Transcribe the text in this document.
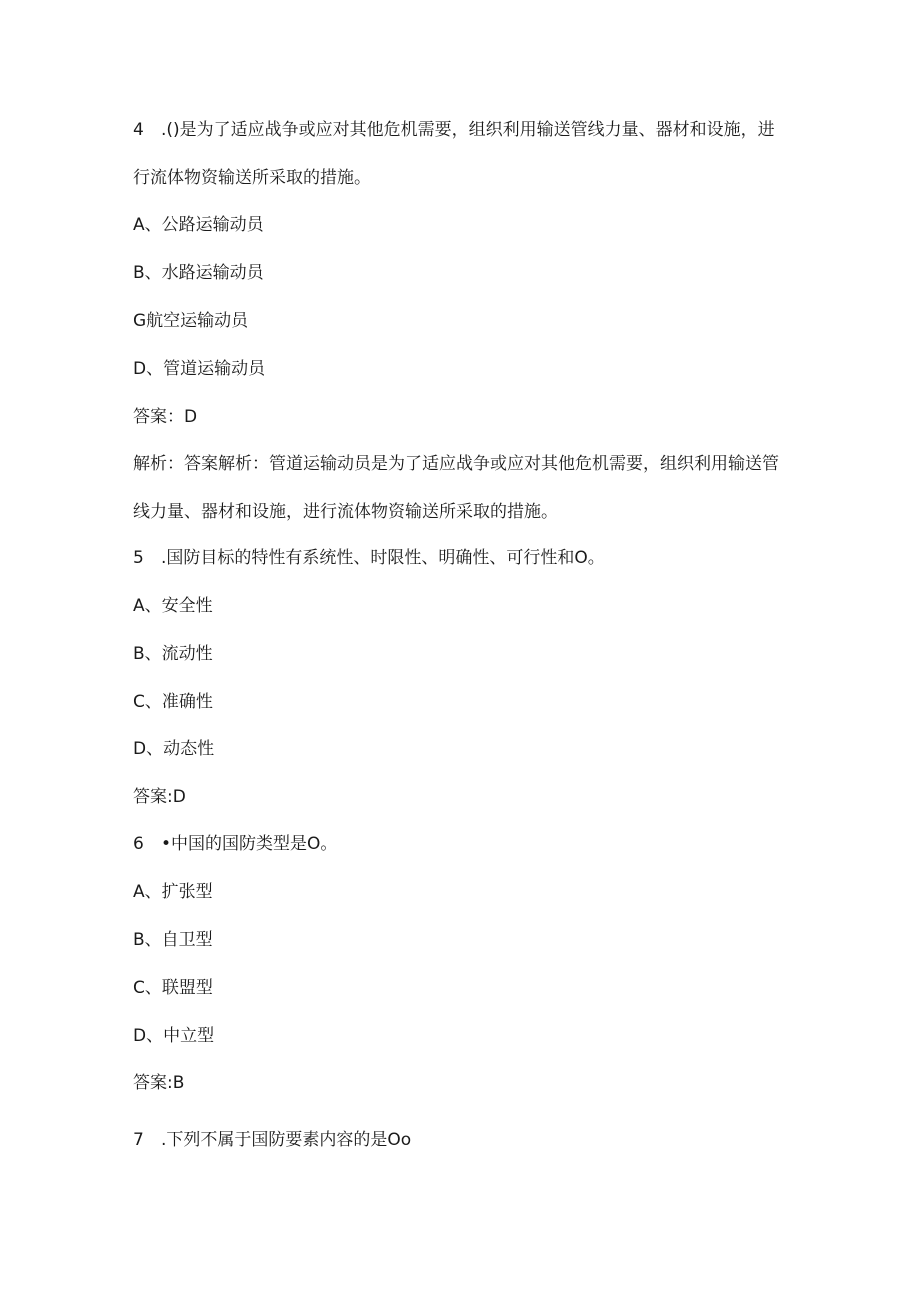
4 .()是为了适应战争或应对其他危机需要，组织利用输送管线力量、器材和设施，进
行流体物资输送所采取的措施。
A、公路运输动员
B、水路运输动员
G航空运输动员
D、管道运输动员
答案：D
解析：答案解析：管道运输动员是为了适应战争或应对其他危机需要，组织利用输送管
线力量、器材和设施，进行流体物资输送所采取的措施。
5 .国防目标的特性有系统性、时限性、明确性、可行性和O。
A、安全性
B、流动性
C、准确性
D、动态性
答案:D
6 •中国的国防类型是O。
A、扩张型
B、自卫型
C、联盟型
D、中立型
答案:B
7 .下列不属于国防要素内容的是Oo
